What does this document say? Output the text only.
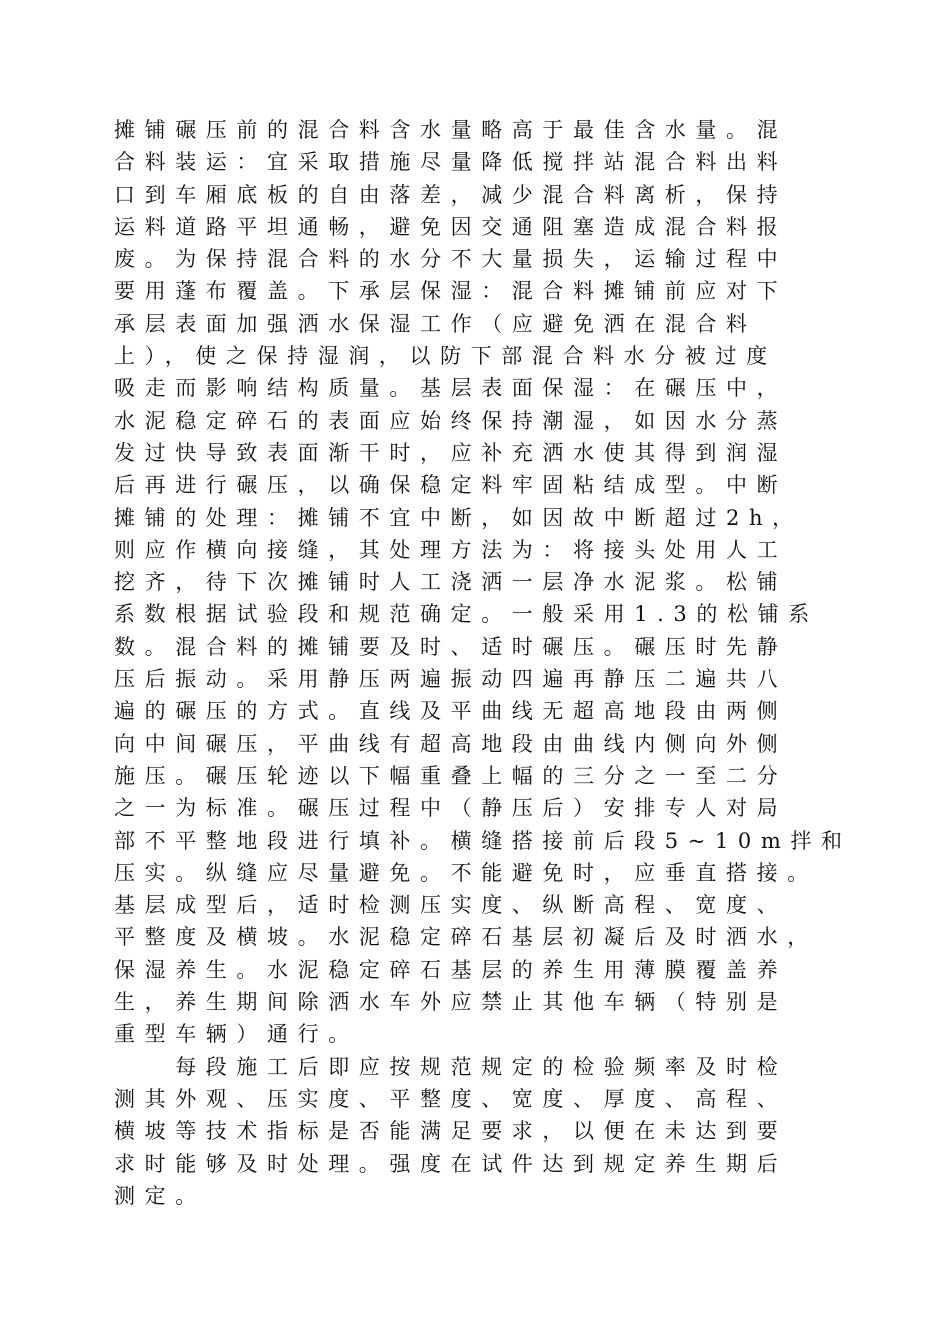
摊铺碾压前的混合料含水量略高于最佳含水量。混
合料装运：宜采取措施尽量降低搅拌站混合料出料
口到车厢底板的自由落差，减少混合料离析，保持
运料道路平坦通畅，避免因交通阻塞造成混合料报
废。为保持混合料的水分不大量损失，运输过程中
要用蓬布覆盖。下承层保湿：混合料摊铺前应对下
承层表面加强洒水保湿工作（应避免洒在混合料
上），使之保持湿润，以防下部混合料水分被过度
吸走而影响结构质量。基层表面保湿：在碾压中，
水泥稳定碎石的表面应始终保持潮湿，如因水分蒸
发过快导致表面渐干时，应补充洒水使其得到润湿
后再进行碾压，以确保稳定料牢固粘结成型。中断
摊铺的处理：摊铺不宜中断，如因故中断超过2h，
则应作横向接缝，其处理方法为：将接头处用人工
挖齐，待下次摊铺时人工浇洒一层净水泥浆。松铺
系数根据试验段和规范确定。一般采用1.3的松铺系
数。混合料的摊铺要及时、适时碾压。碾压时先静
压后振动。采用静压两遍振动四遍再静压二遍共八
遍的碾压的方式。直线及平曲线无超高地段由两侧
向中间碾压，平曲线有超高地段由曲线内侧向外侧
施压。碾压轮迹以下幅重叠上幅的三分之一至二分
之一为标准。碾压过程中（静压后）安排专人对局
部不平整地段进行填补。横缝搭接前后段5~10m拌和
压实。纵缝应尽量避免。不能避免时，应垂直搭接。
基层成型后，适时检测压实度、纵断高程、宽度、
平整度及横坡。水泥稳定碎石基层初凝后及时洒水，
保湿养生。水泥稳定碎石基层的养生用薄膜覆盖养
生，养生期间除洒水车外应禁止其他车辆（特别是
重型车辆）通行。
　　每段施工后即应按规范规定的检验频率及时检
测其外观、压实度、平整度、宽度、厚度、高程、
横坡等技术指标是否能满足要求，以便在未达到要
求时能够及时处理。强度在试件达到规定养生期后
测定。
